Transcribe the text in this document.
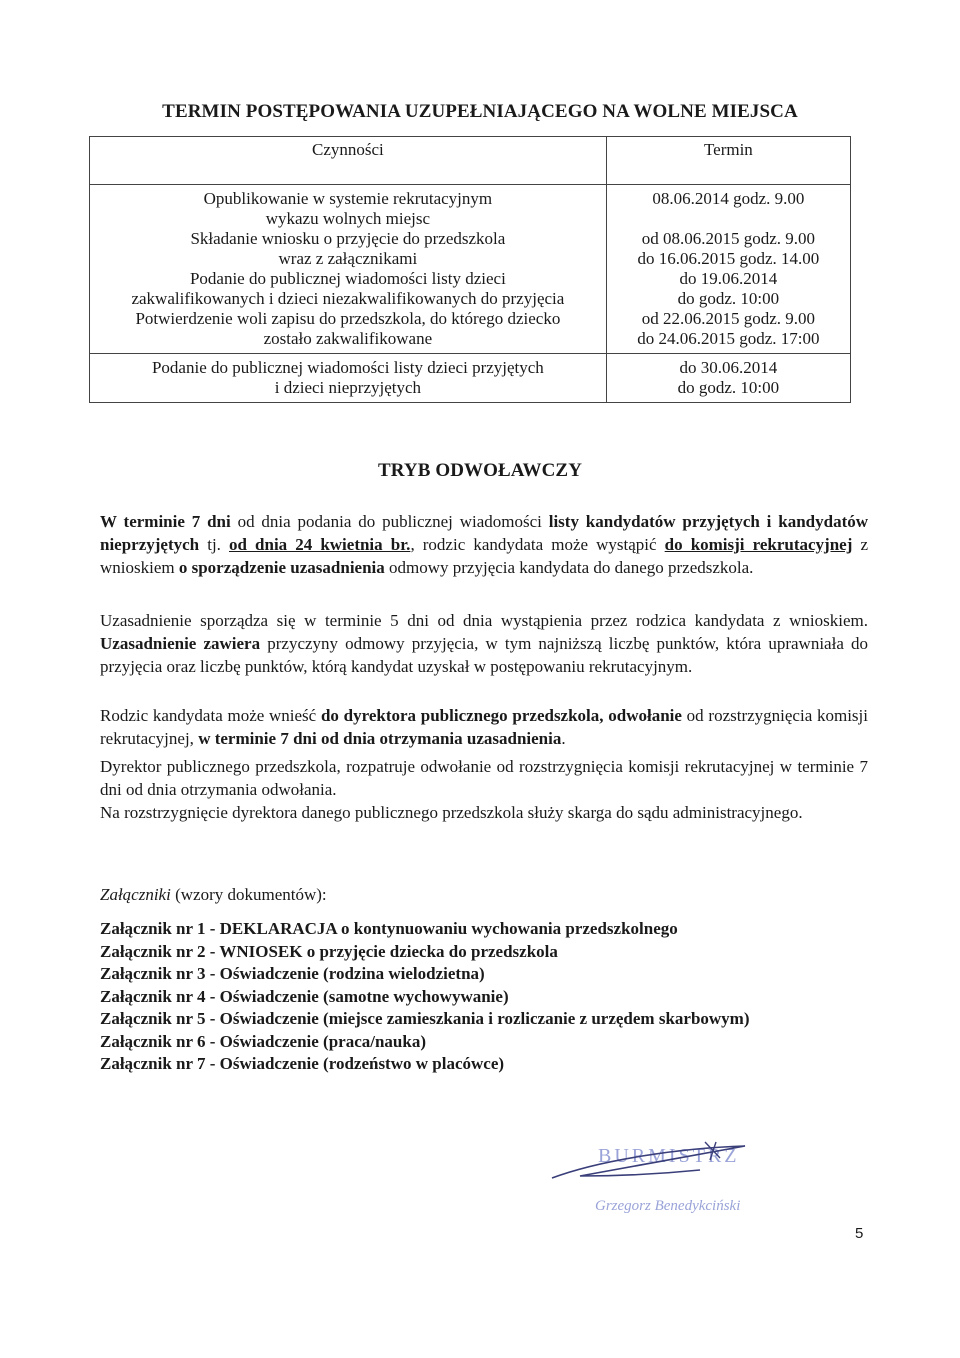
TERMIN POSTĘPOWANIA UZUPEŁNIAJĄCEGO NA WOLNE MIEJSCA
Czynności	Termin

Opublikowanie w systemie rekrutacyjnym
wykazu wolnych miejsc	08.06.2014 godz. 9.00

Składanie wniosku o przyjęcie do przedszkola
wraz z załącznikami	od 08.06.2015 godz. 9.00
do 16.06.2015 godz. 14.00

Podanie do publicznej wiadomości listy dzieci
zakwalifikowanych i dzieci niezakwalifikowanych do przyjęcia	do 19.06.2014
do godz. 10:00

Potwierdzenie woli zapisu do przedszkola, do którego dziecko
zostało zakwalifikowane	od 22.06.2015 godz. 9.00
do 24.06.2015 godz. 17:00

Podanie do publicznej wiadomości listy dzieci przyjętych
i dzieci nieprzyjętych	do 30.06.2014
do godz. 10:00
TRYB ODWOŁAWCZY

W terminie 7 dni od dnia podania do publicznej wiadomości listy kandydatów przyjętych i kandydatów nieprzyjętych tj. od dnia 24 kwietnia br., rodzic kandydata może wystąpić do komisji rekrutacyjnej z wnioskiem o sporządzenie uzasadnienia odmowy przyjęcia kandydata do danego przedszkola.

Uzasadnienie sporządza się w terminie 5 dni od dnia wystąpienia przez rodzica kandydata z wnioskiem. Uzasadnienie zawiera przyczyny odmowy przyjęcia, w tym najniższą liczbę punktów, która uprawniała do przyjęcia oraz liczbę punktów, którą kandydat uzyskał w postępowaniu rekrutacyjnym.

Rodzic kandydata może wnieść do dyrektora publicznego przedszkola, odwołanie od rozstrzygnięcia komisji rekrutacyjnej, w terminie 7 dni od dnia otrzymania uzasadnienia.

Dyrektor publicznego przedszkola, rozpatruje odwołanie od rozstrzygnięcia komisji rekrutacyjnej w terminie 7 dni od dnia otrzymania odwołania.

Na rozstrzygnięcie dyrektora danego publicznego przedszkola służy skarga do sądu administracyjnego.

Załączniki (wzory dokumentów):
Załącznik nr 1 - DEKLARACJA o kontynuowaniu wychowania przedszkolnego
Załącznik nr 2 - WNIOSEK o przyjęcie dziecka do przedszkola
Załącznik nr 3 - Oświadczenie (rodzina wielodzietna)
Załącznik nr 4 - Oświadczenie (samotne wychowywanie)
Załącznik nr 5 - Oświadczenie (miejsce zamieszkania i rozliczanie z urzędem skarbowym)
Załącznik nr 6 - Oświadczenie (praca/nauka)
Załącznik nr 7 - Oświadczenie (rodzeństwo w placówce)
BURMISTRZ
Grzegorz Benedykciński
5
